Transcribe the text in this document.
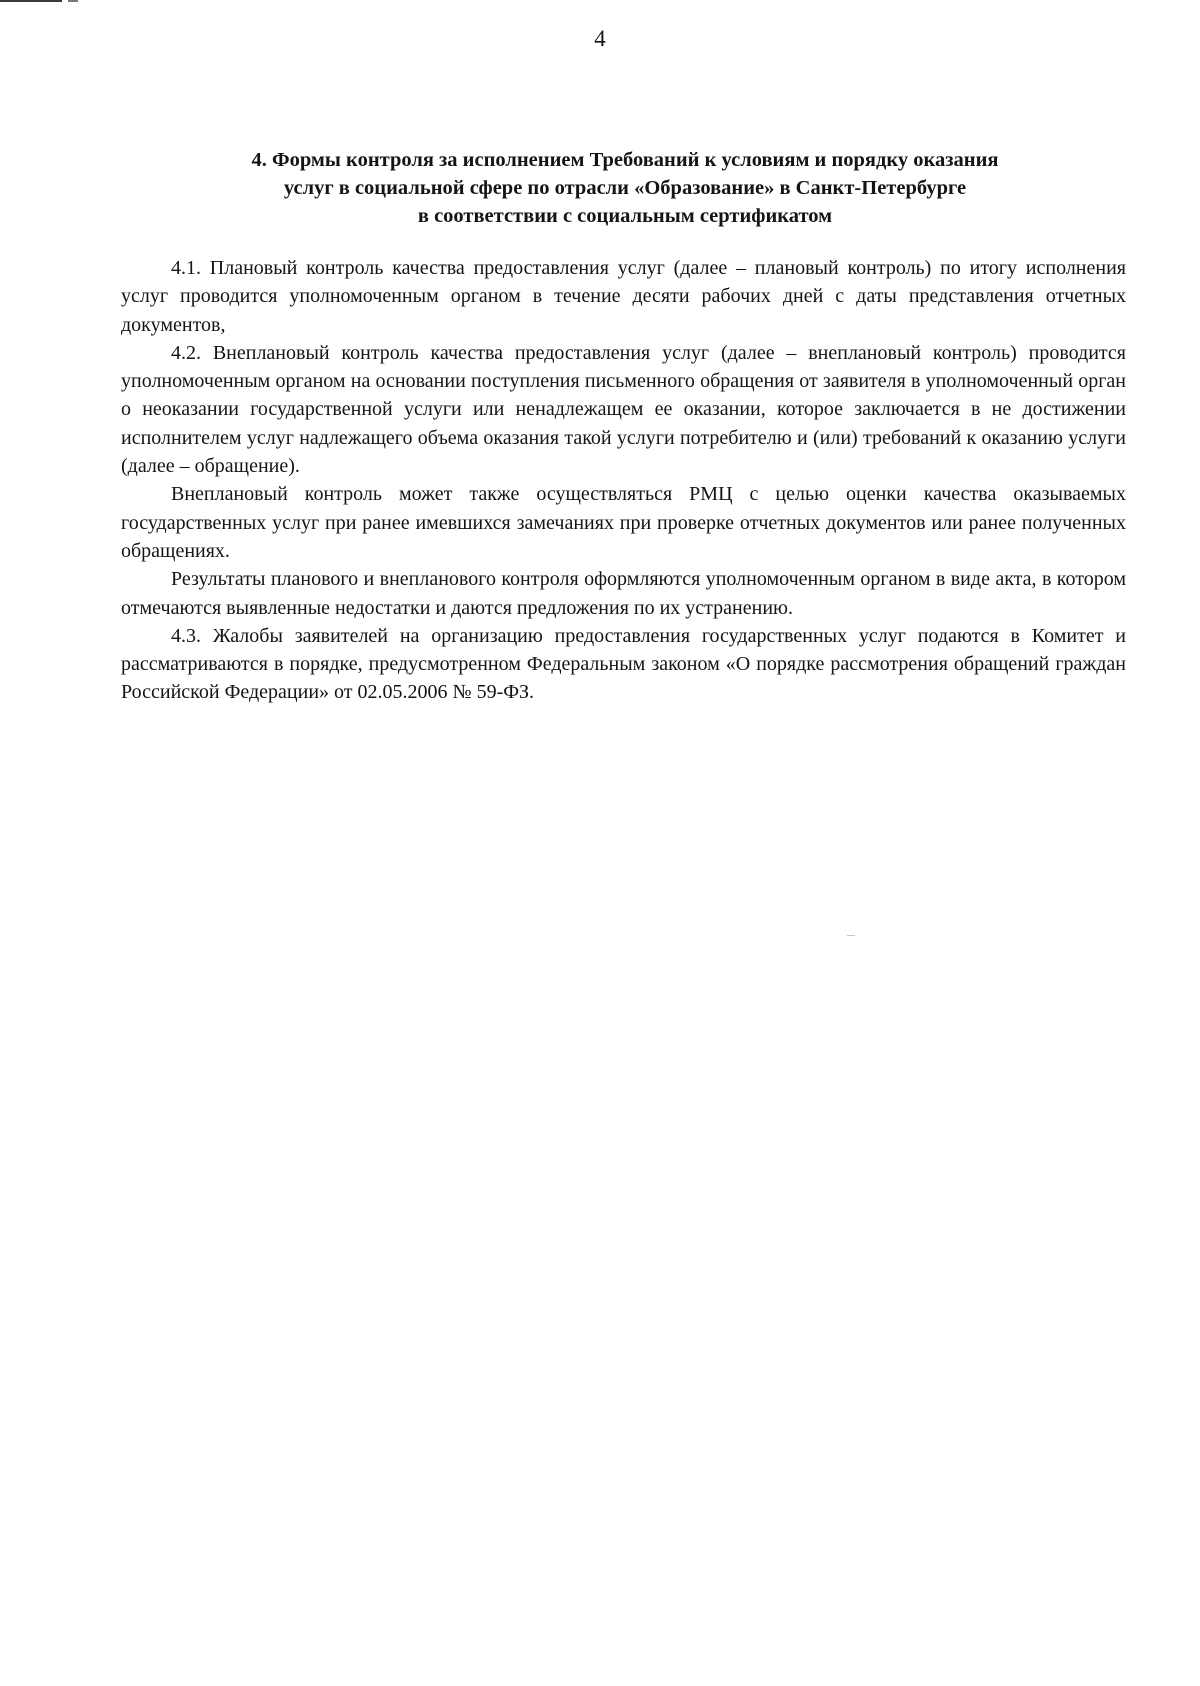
4
4. Формы контроля за исполнением Требований к условиям и порядку оказания
услуг в социальной сфере по отрасли «Образование» в Санкт-Петербурге
в соответствии с социальным сертификатом

4.1. Плановый контроль качества предоставления услуг (далее – плановый контроль) по итогу исполнения услуг проводится уполномоченным органом в течение десяти рабочих дней с даты представления отчетных документов,

4.2. Внеплановый контроль качества предоставления услуг (далее – внеплановый контроль) проводится уполномоченным органом на основании поступления письменного обращения от заявителя в уполномоченный орган о неоказании государственной услуги или ненадлежащем ее оказании, которое заключается в не достижении исполнителем услуг надлежащего объема оказания такой услуги потребителю и (или) требований к оказанию услуги (далее – обращение).

Внеплановый контроль может также осуществляться РМЦ с целью оценки качества оказываемых государственных услуг при ранее имевшихся замечаниях при проверке отчетных документов или ранее полученных обращениях.

Результаты планового и внепланового контроля оформляются уполномоченным органом в виде акта, в котором отмечаются выявленные недостатки и даются предложения по их устранению.

4.3. Жалобы заявителей на организацию предоставления государственных услуг подаются в Комитет и рассматриваются в порядке, предусмотренном Федеральным законом «О порядке рассмотрения обращений граждан Российской Федерации» от 02.05.2006 № 59-ФЗ.
